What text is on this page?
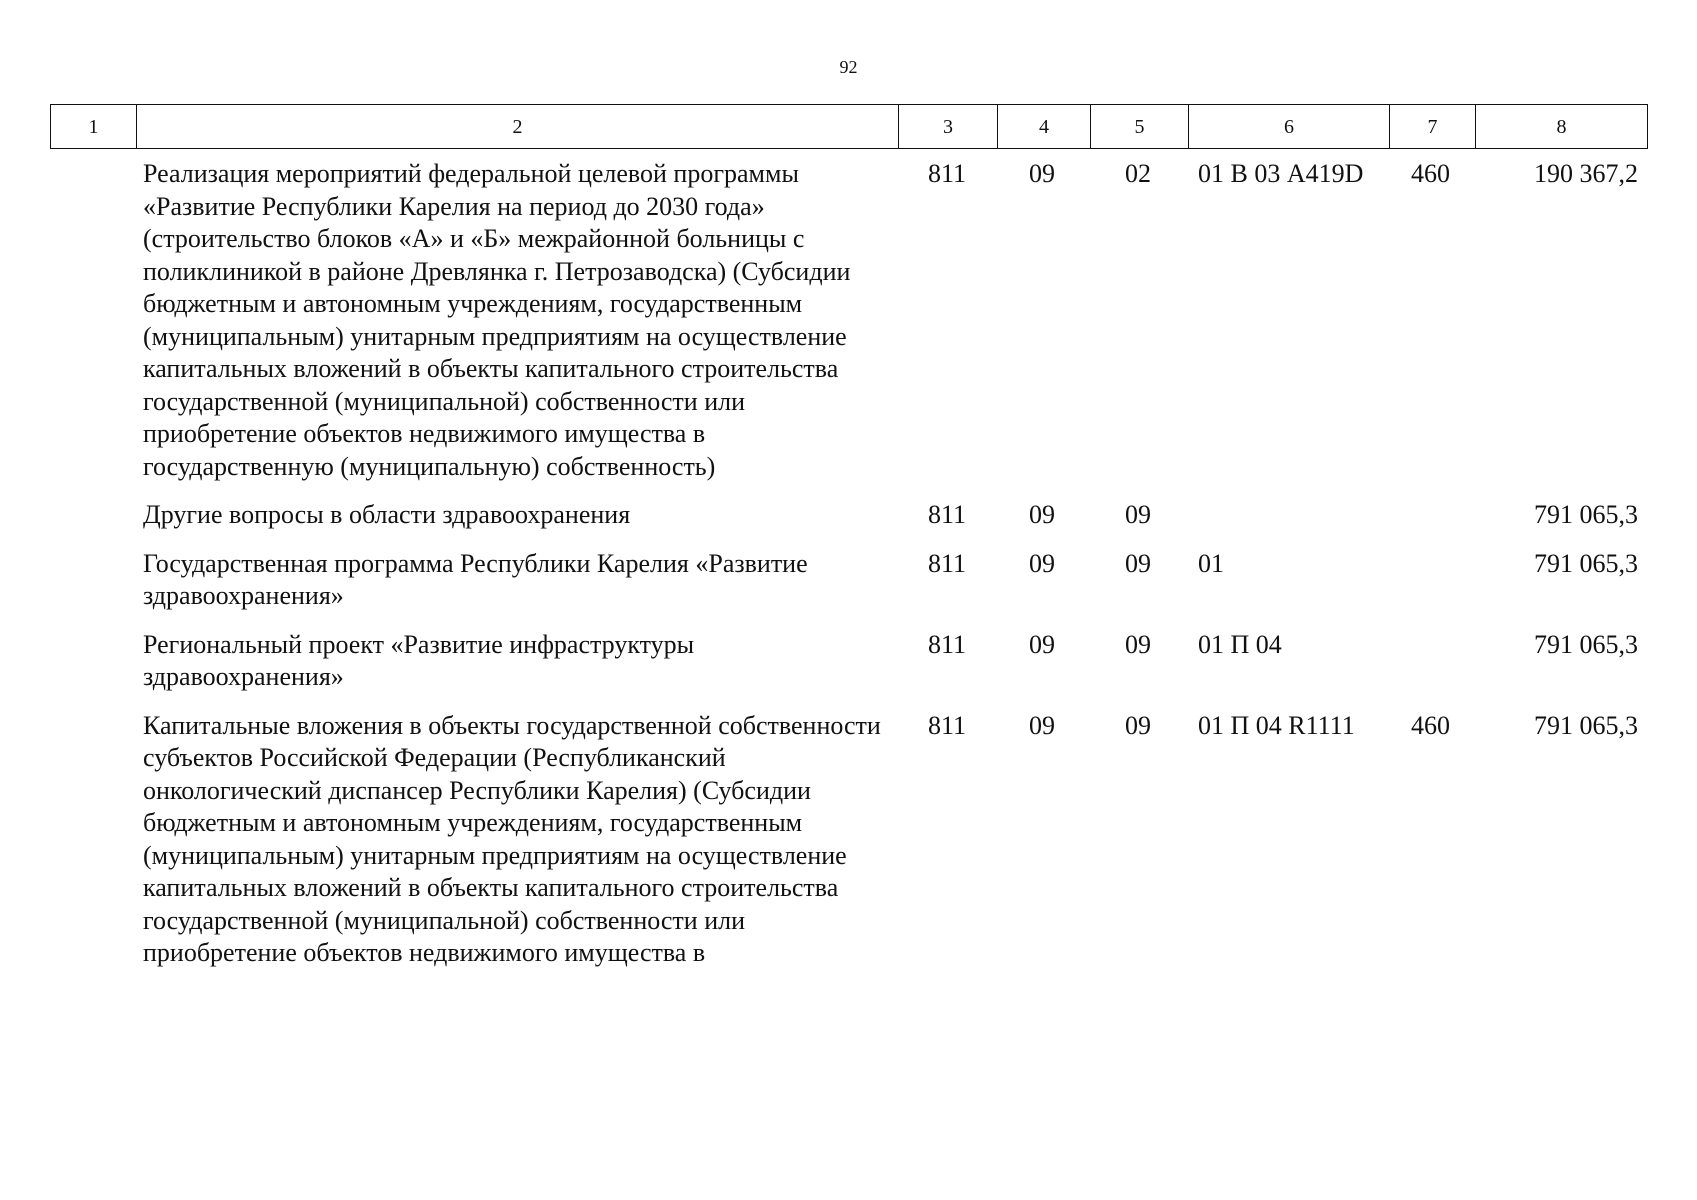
92
1	2	3	4	5	6	7	8
Реализация мероприятий федеральной целевой программы «Развитие Республики Карелия на период до 2030 года» (строительство блоков «А» и «Б» межрайонной больницы с поликлиникой в районе Древлянка г. Петрозаводска) (Субсидии бюджетным и автономным учреждениям, государственным (муниципальным) унитарным предприятиям на осуществление капитальных вложений в объекты капитального строительства государственной (муниципальной) собственности или приобретение объектов недвижимого имущества в государственную (муниципальную) собственность)	811	09	02	01 В 03 А419D	460	190 367,2
Другие вопросы в области здравоохранения	811	09	09			791 065,3
Государственная программа Республики Карелия «Развитие здравоохранения»	811	09	09	01		791 065,3
Региональный проект «Развитие инфраструктуры здравоохранения»	811	09	09	01 П 04		791 065,3
Капитальные вложения в объекты государственной собственности субъектов Российской Федерации (Республиканский онкологический диспансер Республики Карелия) (Субсидии бюджетным и автономным учреждениям, государственным (муниципальным) унитарным предприятиям на осуществление капитальных вложений в объекты капитального строительства государственной (муниципальной) собственности или приобретение объектов недвижимого имущества в	811	09	09	01 П 04 R1111	460	791 065,3
